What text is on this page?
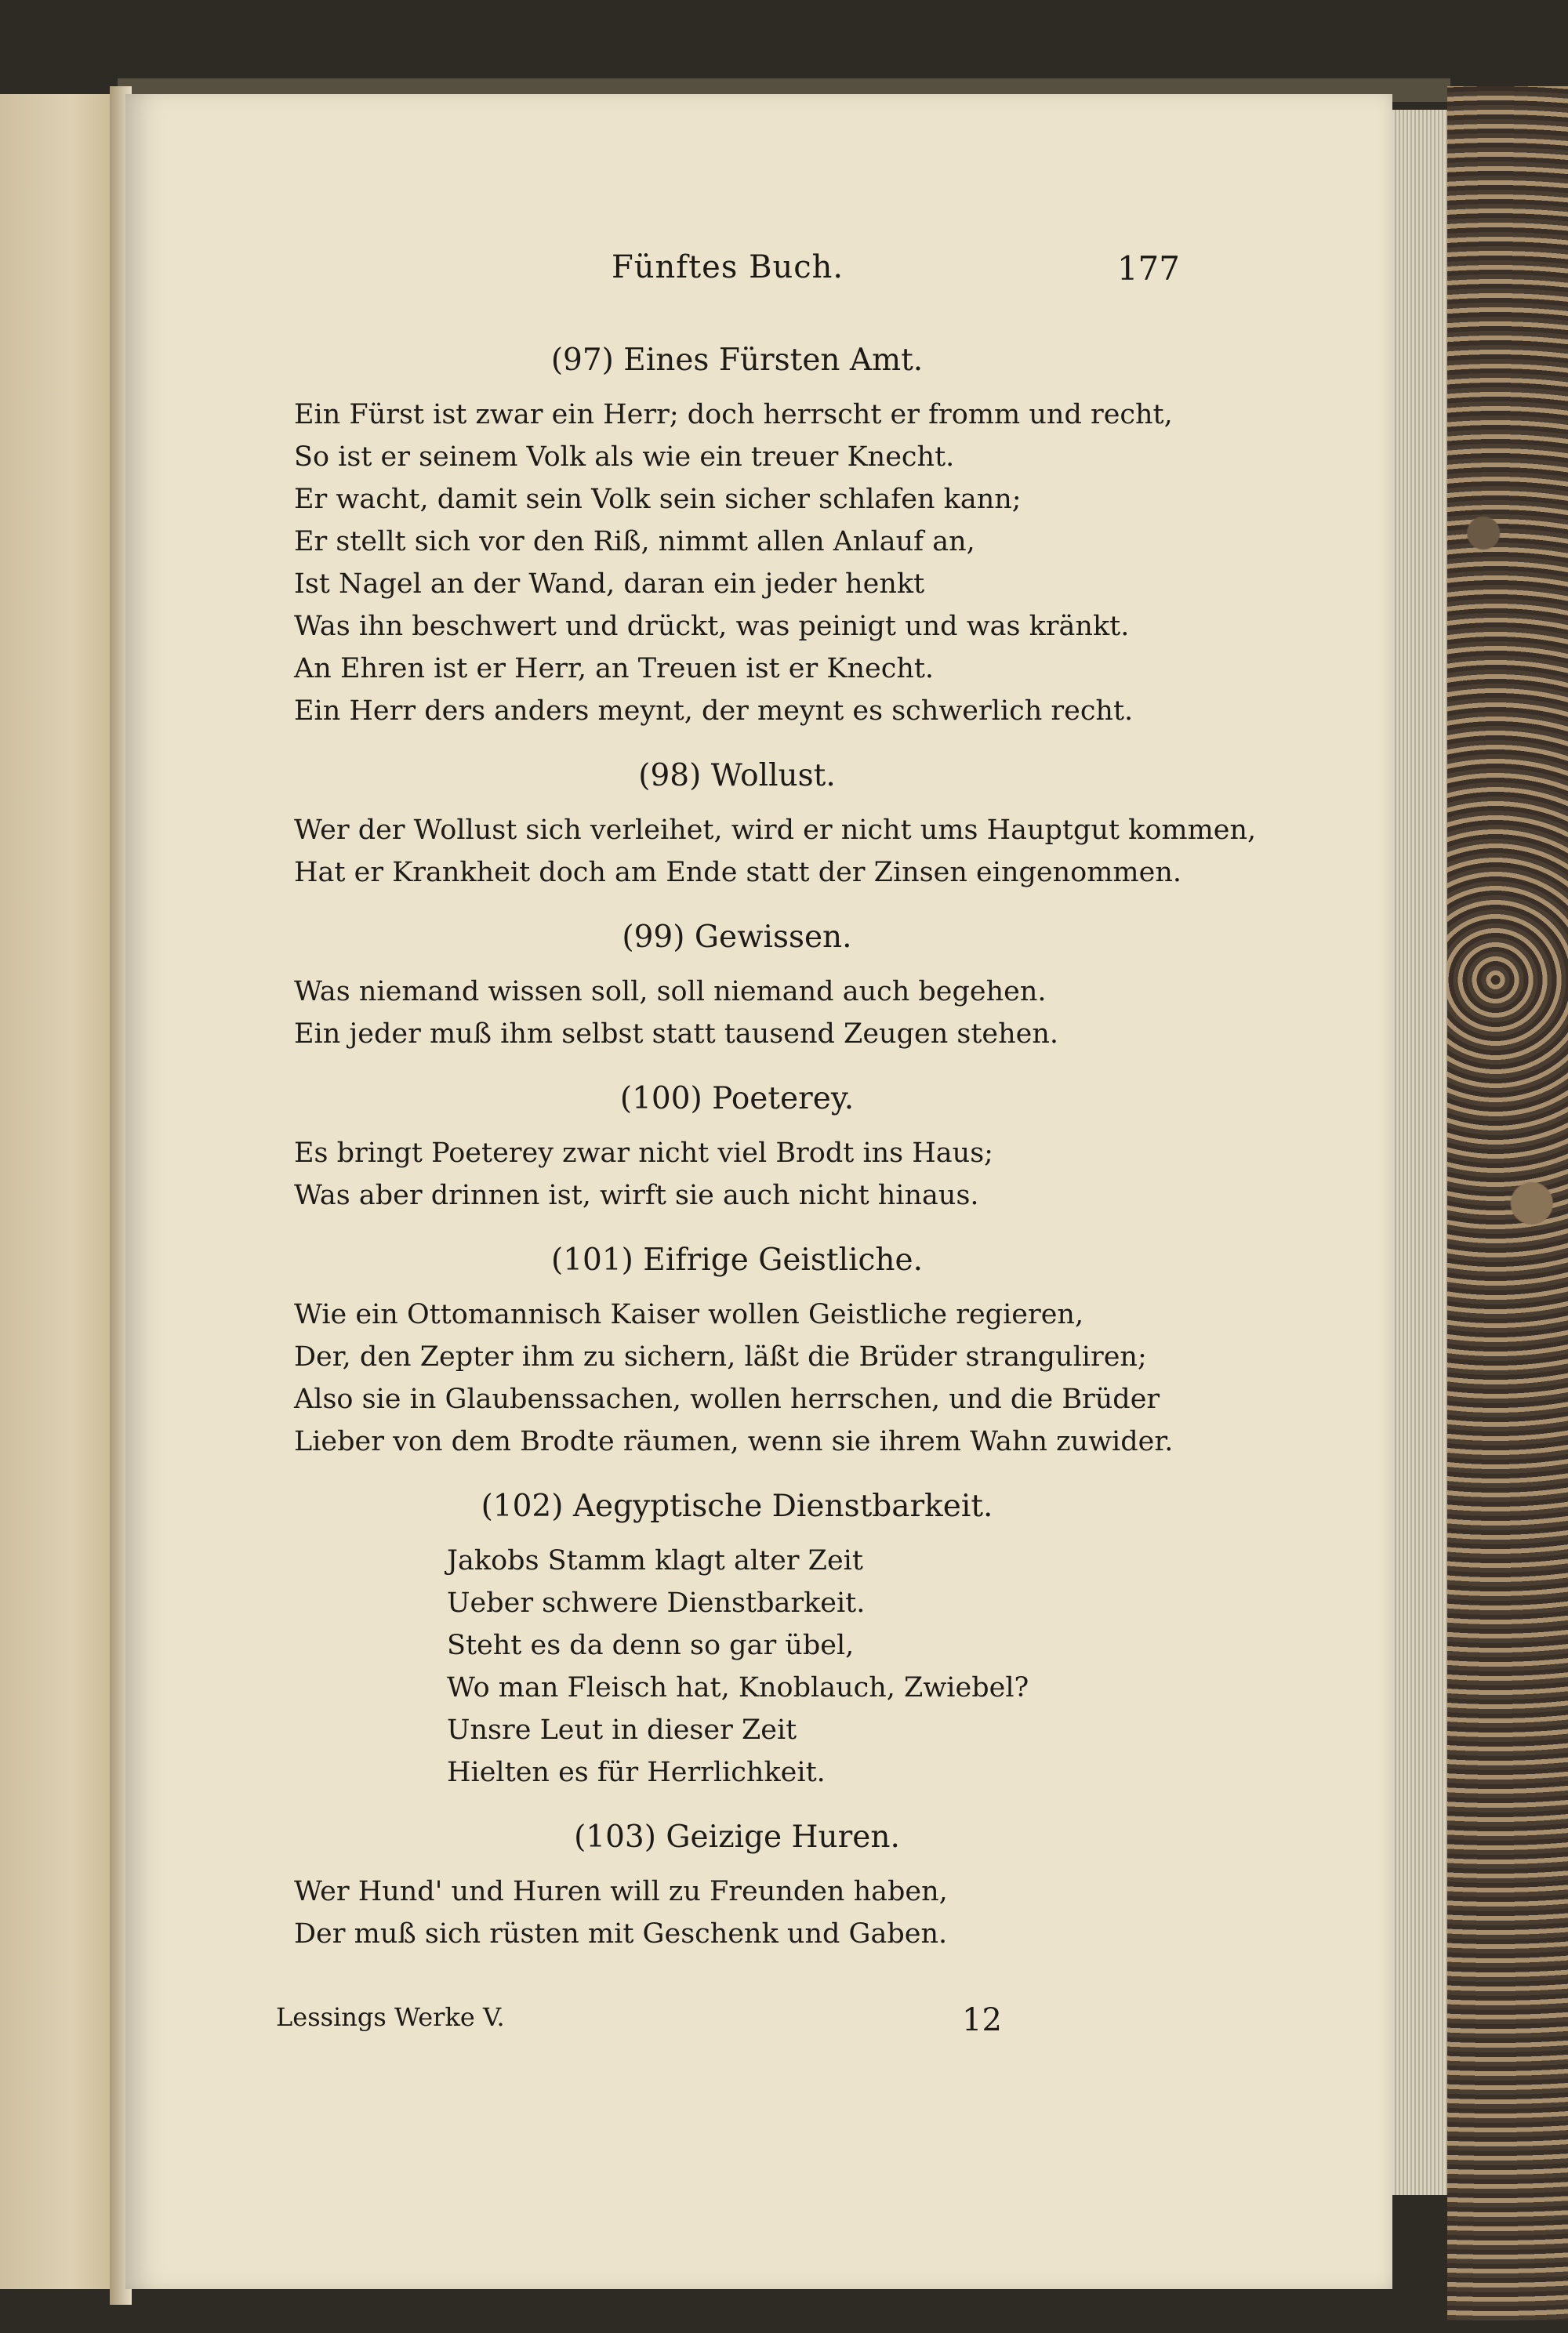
Fünftes Buch.	177
(97) Eines Fürsten Amt.
Ein Fürst ist zwar ein Herr; doch herrscht er fromm und recht,
So ist er seinem Volk als wie ein treuer Knecht.
Er wacht, damit sein Volk sein sicher schlafen kann;
Er stellt sich vor den Riß, nimmt allen Anlauf an,
Ist Nagel an der Wand, daran ein jeder henkt
Was ihn beschwert und drückt, was peinigt und was kränkt.
An Ehren ist er Herr, an Treuen ist er Knecht.
Ein Herr ders anders meynt, der meynt es schwerlich recht.
(98) Wollust.
Wer der Wollust sich verleihet, wird er nicht ums Hauptgut kommen,
Hat er Krankheit doch am Ende statt der Zinsen eingenommen.
(99) Gewissen.
Was niemand wissen soll, soll niemand auch begehen.
Ein jeder muß ihm selbst statt tausend Zeugen stehen.
(100) Poeterey.
Es bringt Poeterey zwar nicht viel Brodt ins Haus;
Was aber drinnen ist, wirft sie auch nicht hinaus.
(101) Eifrige Geistliche.
Wie ein Ottomannisch Kaiser wollen Geistliche regieren,
Der, den Zepter ihm zu sichern, läßt die Brüder stranguliren;
Also sie in Glaubenssachen, wollen herrschen, und die Brüder
Lieber von dem Brodte räumen, wenn sie ihrem Wahn zuwider.
(102) Aegyptische Dienstbarkeit.
Jakobs Stamm klagt alter Zeit
Ueber schwere Dienstbarkeit.
Steht es da denn so gar übel,
Wo man Fleisch hat, Knoblauch, Zwiebel?
Unsre Leut in dieser Zeit
Hielten es für Herrlichkeit.
(103) Geizige Huren.
Wer Hund' und Huren will zu Freunden haben,
Der muß sich rüsten mit Geschenk und Gaben.
Lessings Werke V.	12
